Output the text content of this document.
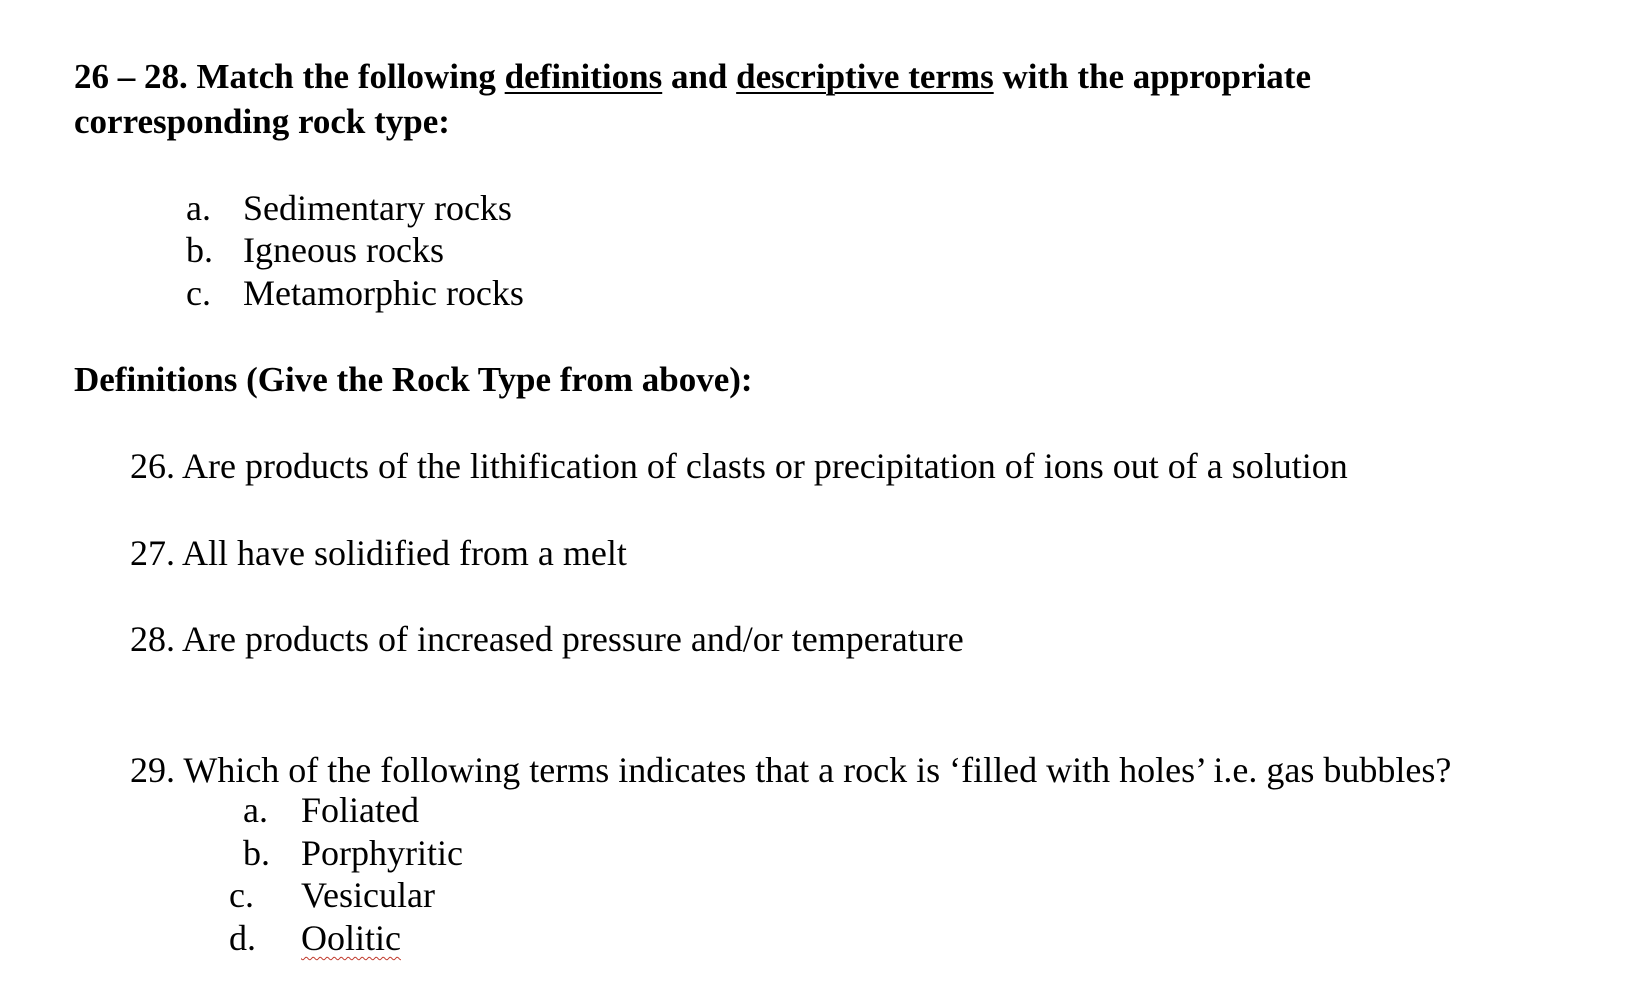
26 – 28. Match the following definitions and descriptive terms with the appropriate
corresponding rock type:
a. Sedimentary rocks
b. Igneous rocks
c. Metamorphic rocks
Definitions (Give the Rock Type from above):
26. Are products of the lithification of clasts or precipitation of ions out of a solution
27. All have solidified from a melt
28. Are products of increased pressure and/or temperature
29. Which of the following terms indicates that a rock is ‘filled with holes’ i.e. gas bubbles?
a. Foliated
b. Porphyritic
c. Vesicular
d. Oolitic
